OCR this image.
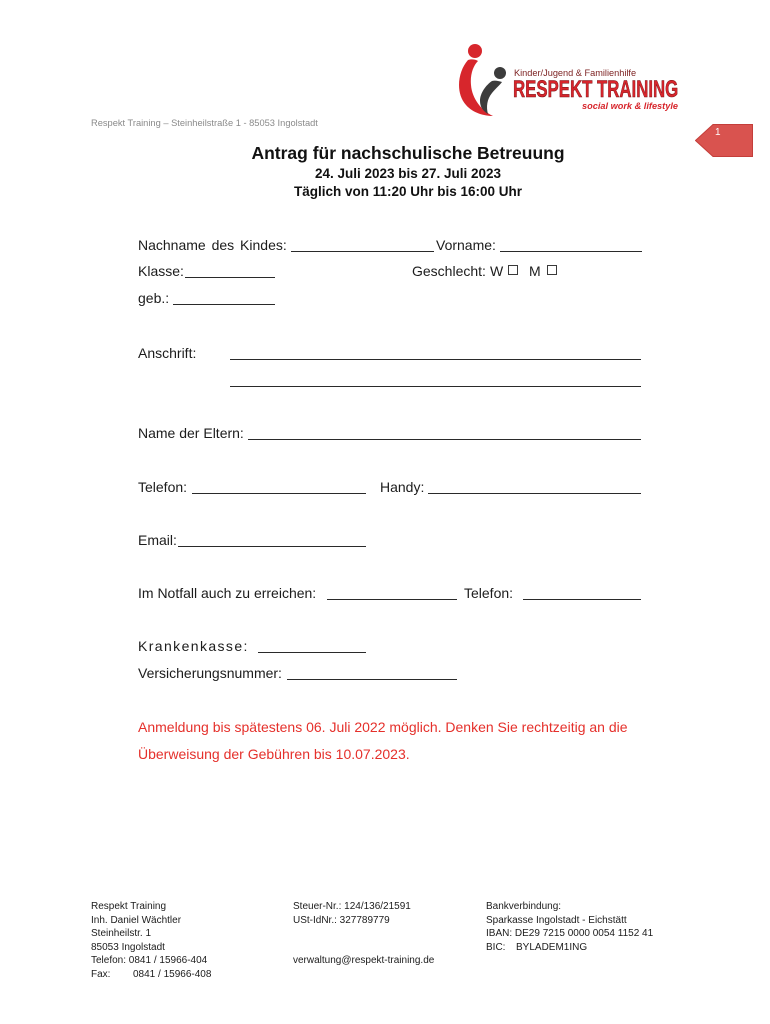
Respekt Training – Steinheilstraße 1 - 85053 Ingolstadt
Kinder/Jugend & Familienhilfe
RESPEKT TRAINING
social work & lifestyle
1
Antrag für nachschulische Betreuung
24. Juli 2023 bis 27. Juli 2023
Täglich von 11:20 Uhr bis 16:00 Uhr
Nachname des Kindes:	Vorname:
Klasse:	Geschlecht: W M
geb.:
Anschrift:
Name der Eltern:
Telefon:	Handy:
Email:
Im Notfall auch zu erreichen:	Telefon:
Krankenkasse:
Versicherungsnummer:
Anmeldung bis spätestens 06. Juli 2022 möglich. Denken Sie rechtzeitig an die
Überweisung der Gebühren bis 10.07.2023.
Respekt Training
Inh. Daniel Wächtler
Steinheilstr. 1
85053 Ingolstadt
Telefon: 0841 / 15966-404
Fax: 0841 / 15966-408
Steuer-Nr.: 124/136/21591
USt-IdNr.: 327789779
verwaltung@respekt-training.de
Bankverbindung:
Sparkasse Ingolstadt - Eichstätt
IBAN: DE29 7215 0000 0054 1152 41
BIC: BYLADEM1ING
